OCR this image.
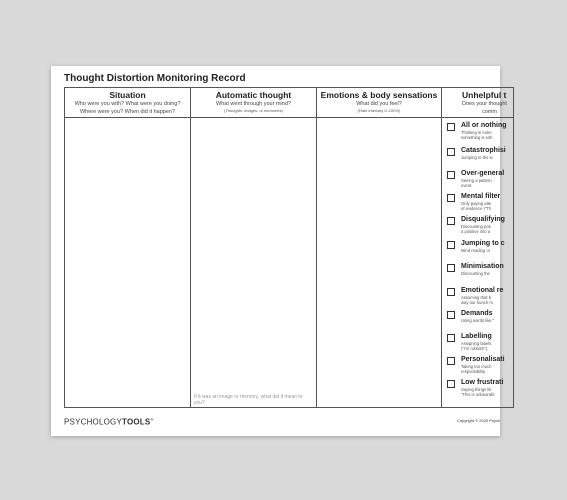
Thought Distortion Monitoring Record
Situation
Who were you with? What were you doing?
Where were you? When did it happen?
Automatic thought
What went through your mind?
(Thoughts, images, or memories)
If it was an image or memory, what did it mean to you?
Emotions & body sensations
What did you feel?
(Rate intensity 0–100%)
Unhelpful t
Does your thought
comm
All or nothing
Thinking in extre
something is eith
Catastrophisi
Jumping to the w
Over-general
Seeing a pattern
event.
Mental filter
Only paying atte
of evidence ("Th
Disqualifying
Discounting pos
a positive into a
Jumping to c
Mind reading or
Minimisation
Discounting the
Emotional re
Assuming that b
way our hunch m
Demands
Using words like "
Labelling
Assigning labels
("I'm rubbish").
Personalisati
Taking too much
responsibility.
Low frustrati
Saying things lik
"This is unbearabl
PSYCHOLOGYTOOLS®	Copyright © 2020 Psych
